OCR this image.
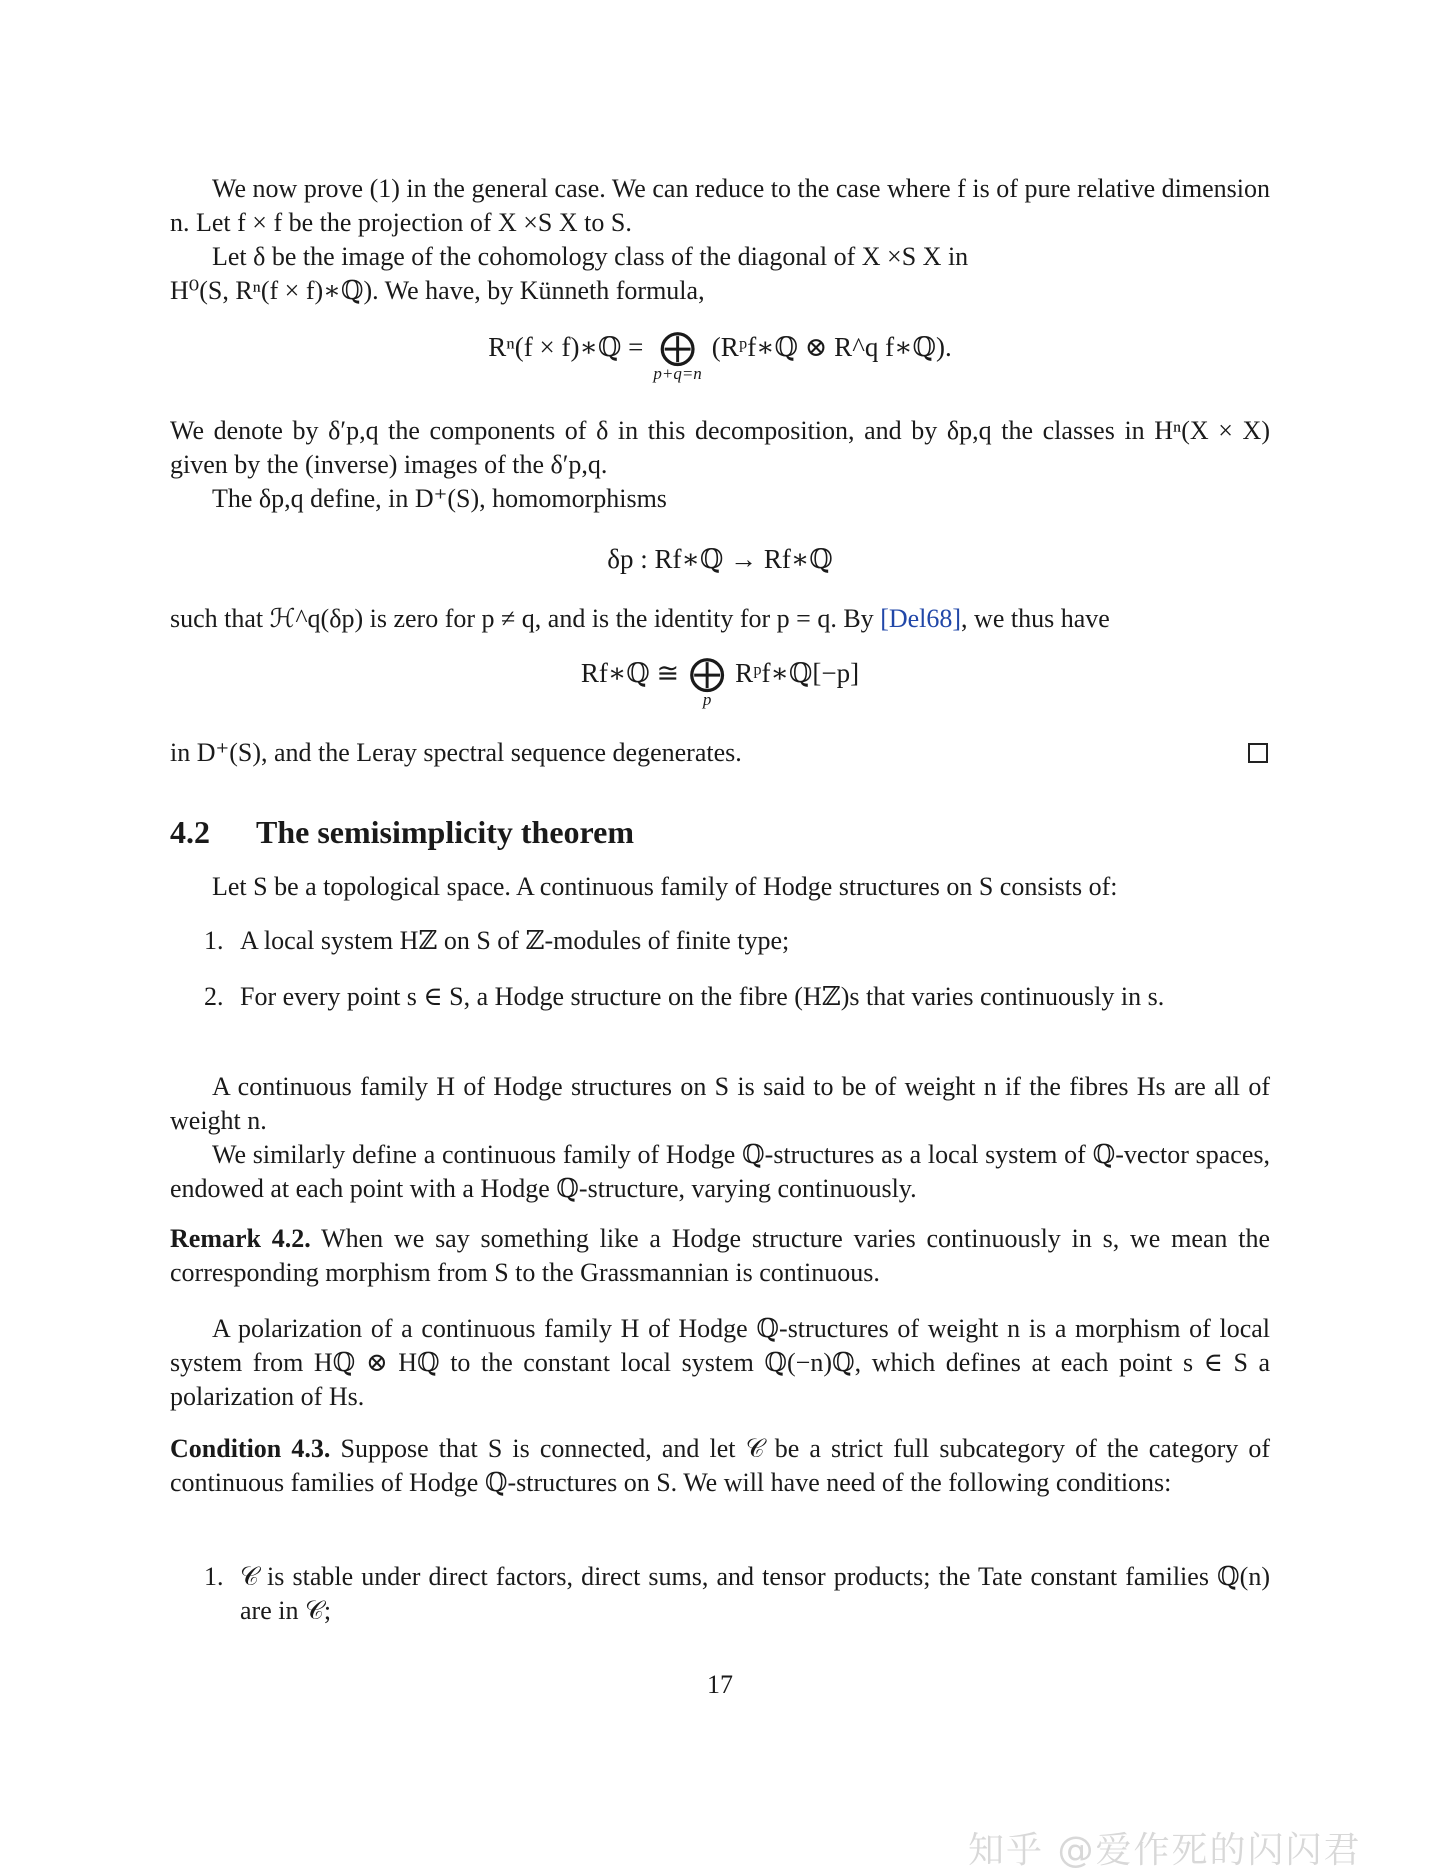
We now prove (1) in the general case. We can reduce to the case where f is of pure relative dimension n. Let f × f be the projection of X ×S X to S.
Let δ be the image of the cohomology class of the diagonal of X ×S X in
H⁰(S, Rⁿ(f × f)∗ℚ). We have, by Künneth formula,
Rⁿ(f × f)∗ℚ = ⨁
p+q=n
(Rᵖf∗ℚ ⊗ R^q f∗ℚ).
We denote by δ′p,q the components of δ in this decomposition, and by δp,q the classes in Hⁿ(X × X) given by the (inverse) images of the δ′p,q.
The δp,q define, in D⁺(S), homomorphisms
δp : Rf∗ℚ → Rf∗ℚ
such that ℋ^q(δp) is zero for p ≠ q, and is the identity for p = q. By [Del68], we thus have
Rf∗ℚ ≅ ⨁
p
Rᵖf∗ℚ[−p]
in D⁺(S), and the Leray spectral sequence degenerates.
4.2 The semisimplicity theorem
Let S be a topological space. A continuous family of Hodge structures on S consists of:
1. A local system Hℤ on S of ℤ-modules of finite type;
2. For every point s ∈ S, a Hodge structure on the fibre (Hℤ)s that varies continuously in s.
A continuous family H of Hodge structures on S is said to be of weight n if the fibres Hs are all of weight n.
We similarly define a continuous family of Hodge ℚ-structures as a local system of ℚ-vector spaces, endowed at each point with a Hodge ℚ-structure, varying continuously.
Remark 4.2. When we say something like a Hodge structure varies continuously in s, we mean the corresponding morphism from S to the Grassmannian is continuous.
A polarization of a continuous family H of Hodge ℚ-structures of weight n is a morphism of local system from Hℚ ⊗ Hℚ to the constant local system ℚ(−n)ℚ, which defines at each point s ∈ S a polarization of Hs.
Condition 4.3. Suppose that S is connected, and let 𝒞 be a strict full subcategory of the category of continuous families of Hodge ℚ-structures on S. We will have need of the following conditions:
1. 𝒞 is stable under direct factors, direct sums, and tensor products; the Tate constant families ℚ(n) are in 𝒞;
17
知乎 @爱作死的闪闪君
